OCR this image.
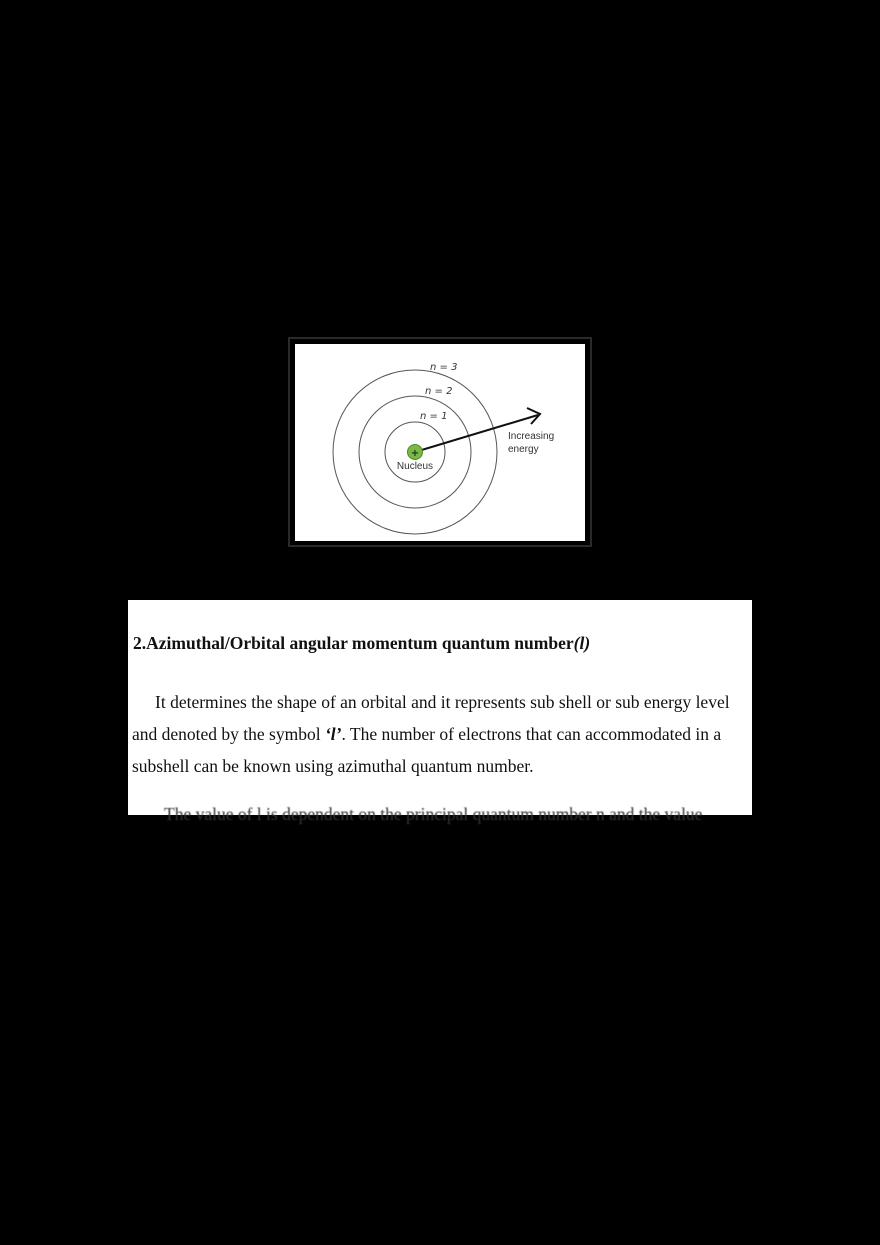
+
n = 3
n = 2
n = 1
Nucleus
Increasing
energy
2.Azimuthal/Orbital angular momentum quantum number(l)
It determines the shape of an orbital and it represents sub shell or sub energy level
and denoted by the symbol ‘l’. The number of electrons that can accommodated in a
subshell can be known using azimuthal quantum number.
The value of l is dependent on the principal quantum number n and the value
